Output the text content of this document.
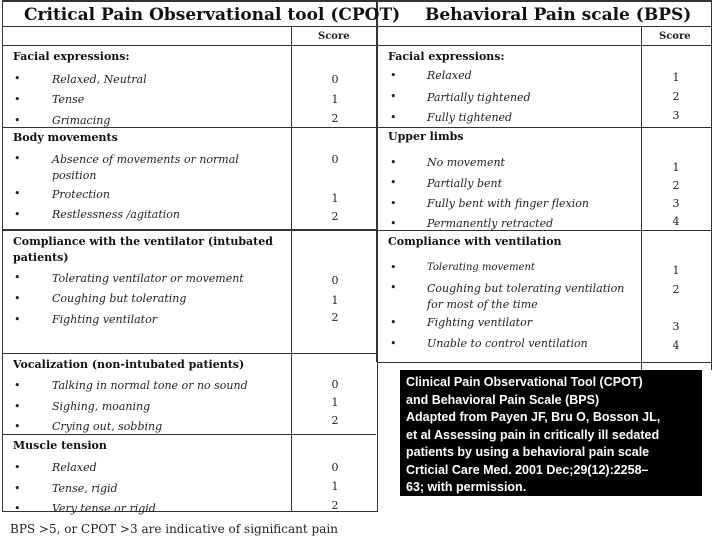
Critical Pain Observational tool (CPOT) Behavioral Pain scale (BPS)
Score	Score
Facial expressions:
•	Relaxed, Neutral	0
•	Tense	1
•	Grimacing	2
Body movements
•	Absence of movements or normal position
0
•	Protection	1
•	Restlessness /agitation	2
Compliance with the ventilator (intubated patients)
•	Tolerating ventilator or movement	0
•	Coughing but tolerating	1
•	Fighting ventilator	2
Vocalization (non-intubated patients)
•	Talking in normal tone or no sound	0
•	Sighing, moaning	1
•	Crying out, sobbing	2
Muscle tension
•	Relaxed	0
•	Tense, rigid	1
•	Very tense or rigid	2
Facial expressions:
•	Relaxed	1
•	Partially tightened	2
•	Fully tightened	3
Upper limbs
•	No movement	1
•	Partially bent	2
•	Fully bent with finger flexion	3
•	Permanently retracted	4
Compliance with ventilation
•	Tolerating movement	1
•	Coughing but tolerating ventilation for most of the time
2
•	Fighting ventilator	3
•	Unable to control ventilation	4
BPS >5, or CPOT >3 are indicative of significant pain
Clinical Pain Observational Tool (CPOT)
and Behavioral Pain Scale (BPS)
Adapted from Payen JF, Bru O, Bosson JL,
et al Assessing pain in critically ill sedated
patients by using a behavioral pain scale
Crticial Care Med. 2001 Dec;29(12):2258–
63; with permission.
